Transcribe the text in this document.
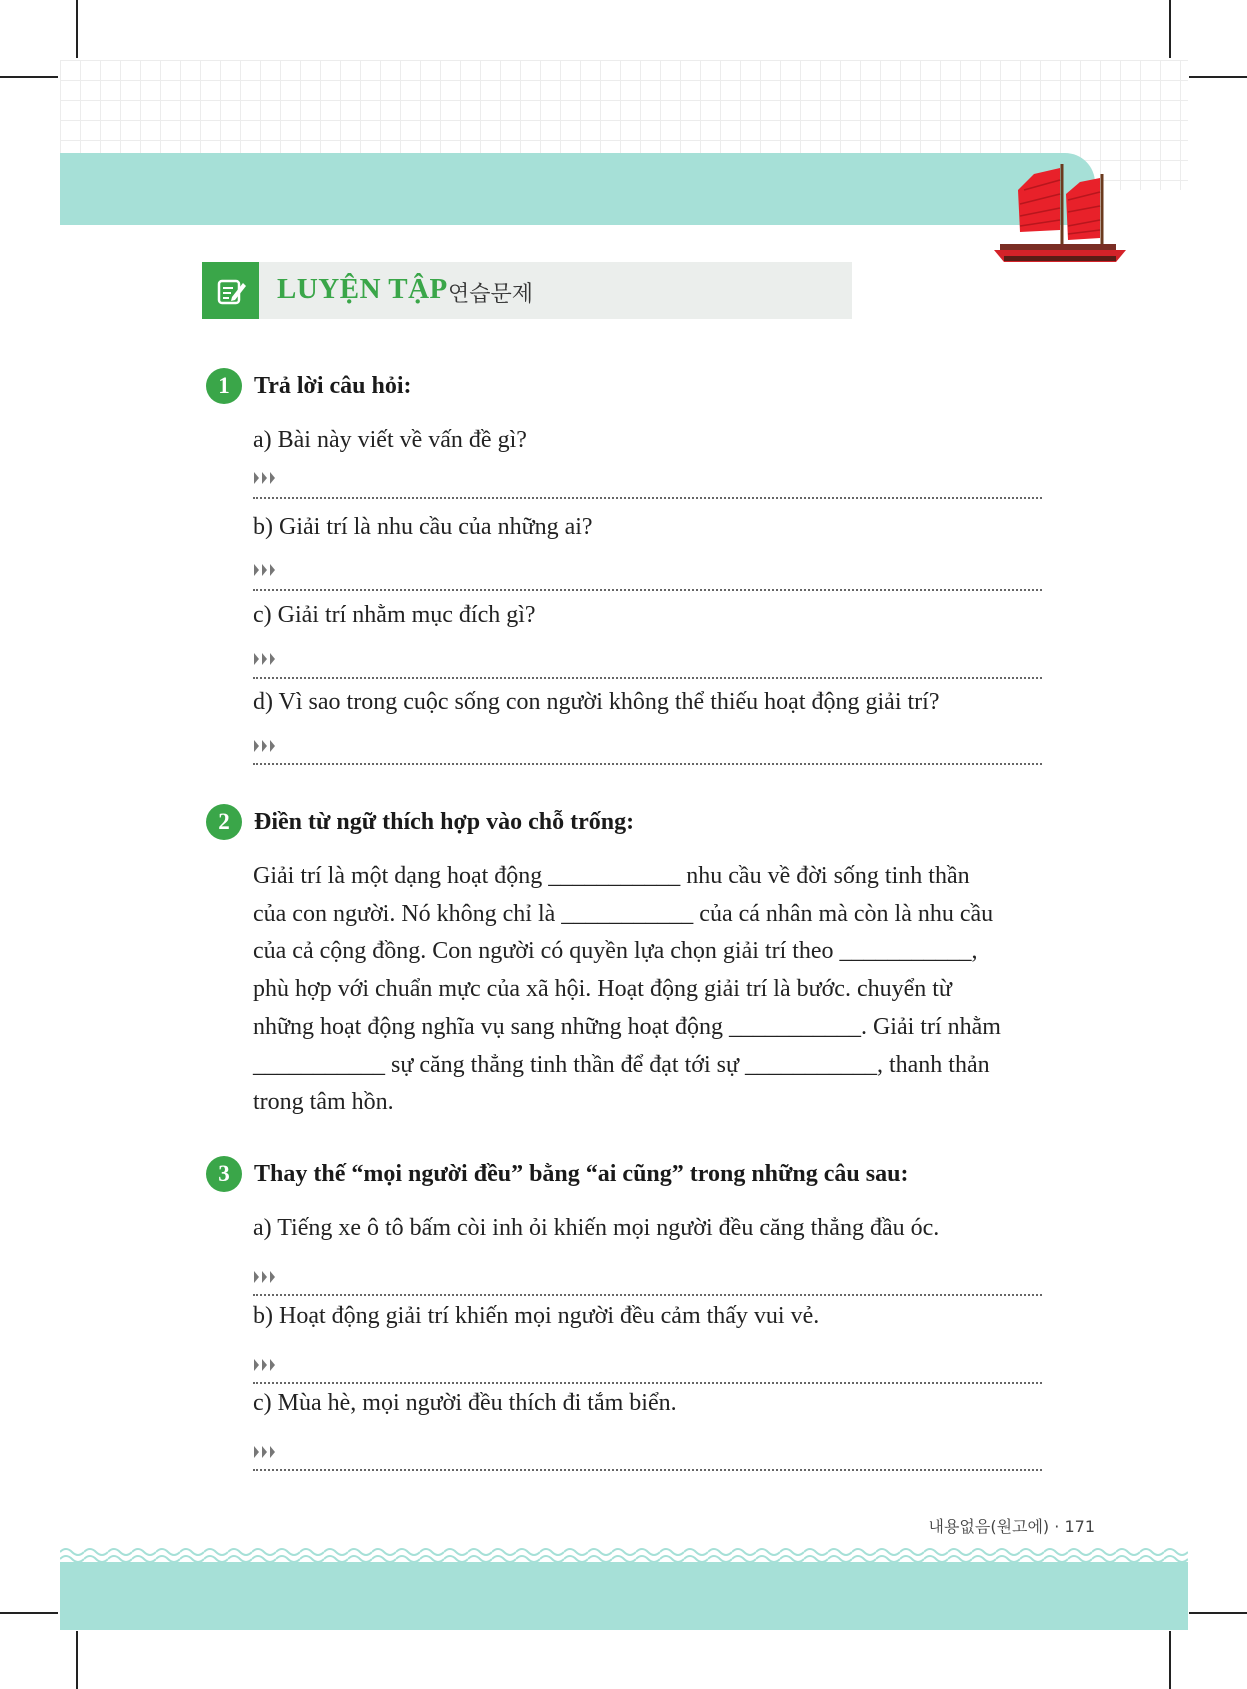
LUYỆN TẬP 연습문제
1	Trả lời câu hỏi:
a) Bài này viết về vấn đề gì?
b) Giải trí là nhu cầu của những ai?
c) Giải trí nhằm mục đích gì?
d) Vì sao trong cuộc sống con người không thể thiếu hoạt động giải trí?
2	Điền từ ngữ thích hợp vào chỗ trống:
Giải trí là một dạng hoạt động ___________ nhu cầu về đời sống tinh thần
của con người. Nó không chỉ là ___________ của cá nhân mà còn là nhu cầu
của cả cộng đồng. Con người có quyền lựa chọn giải trí theo ___________,
phù hợp với chuẩn mực của xã hội. Hoạt động giải trí là bước. chuyển từ
những hoạt động nghĩa vụ sang những hoạt động ___________. Giải trí nhằm
___________ sự căng thẳng tinh thần để đạt tới sự ___________, thanh thản
trong tâm hồn.
3	Thay thế “mọi người đều” bằng “ai cũng” trong những câu sau:
a) Tiếng xe ô tô bấm còi inh ỏi khiến mọi người đều căng thẳng đầu óc.
b) Hoạt động giải trí khiến mọi người đều cảm thấy vui vẻ.
c) Mùa hè, mọi người đều thích đi tắm biển.
내용없음(원고에) · 171
